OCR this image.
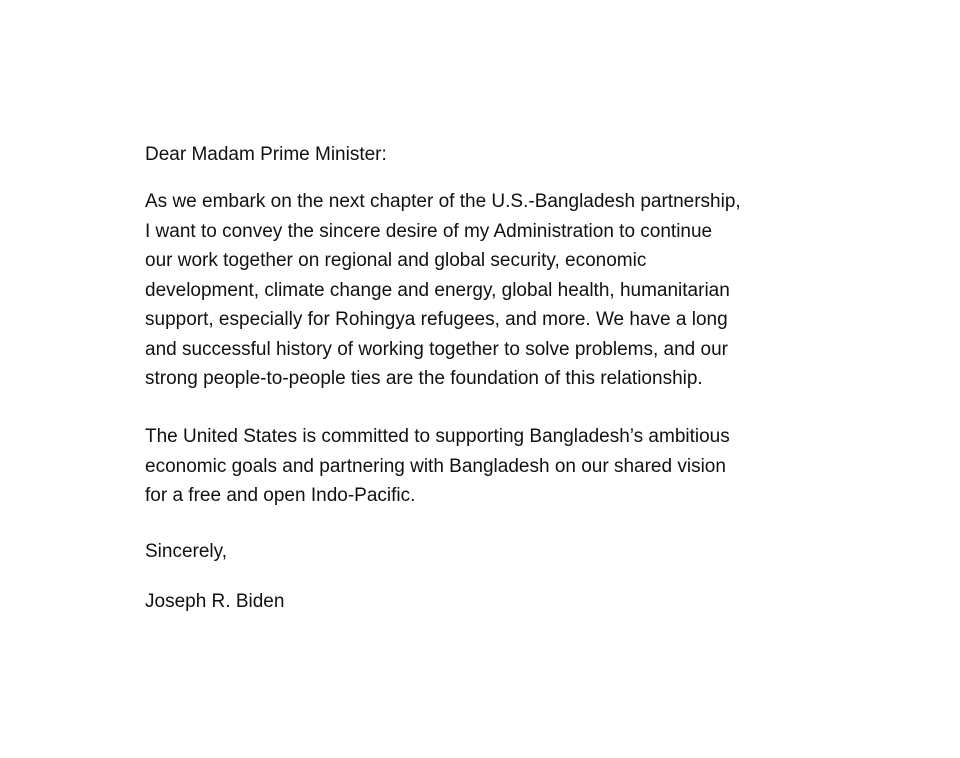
Dear Madam Prime Minister:
As we embark on the next chapter of the U.S.-Bangladesh partnership,
I want to convey the sincere desire of my Administration to continue
our work together on regional and global security, economic
development, climate change and energy, global health, humanitarian
support, especially for Rohingya refugees, and more. We have a long
and successful history of working together to solve problems, and our
strong people-to-people ties are the foundation of this relationship.
The United States is committed to supporting Bangladesh’s ambitious
economic goals and partnering with Bangladesh on our shared vision
for a free and open Indo-Pacific.
Sincerely,
Joseph R. Biden
